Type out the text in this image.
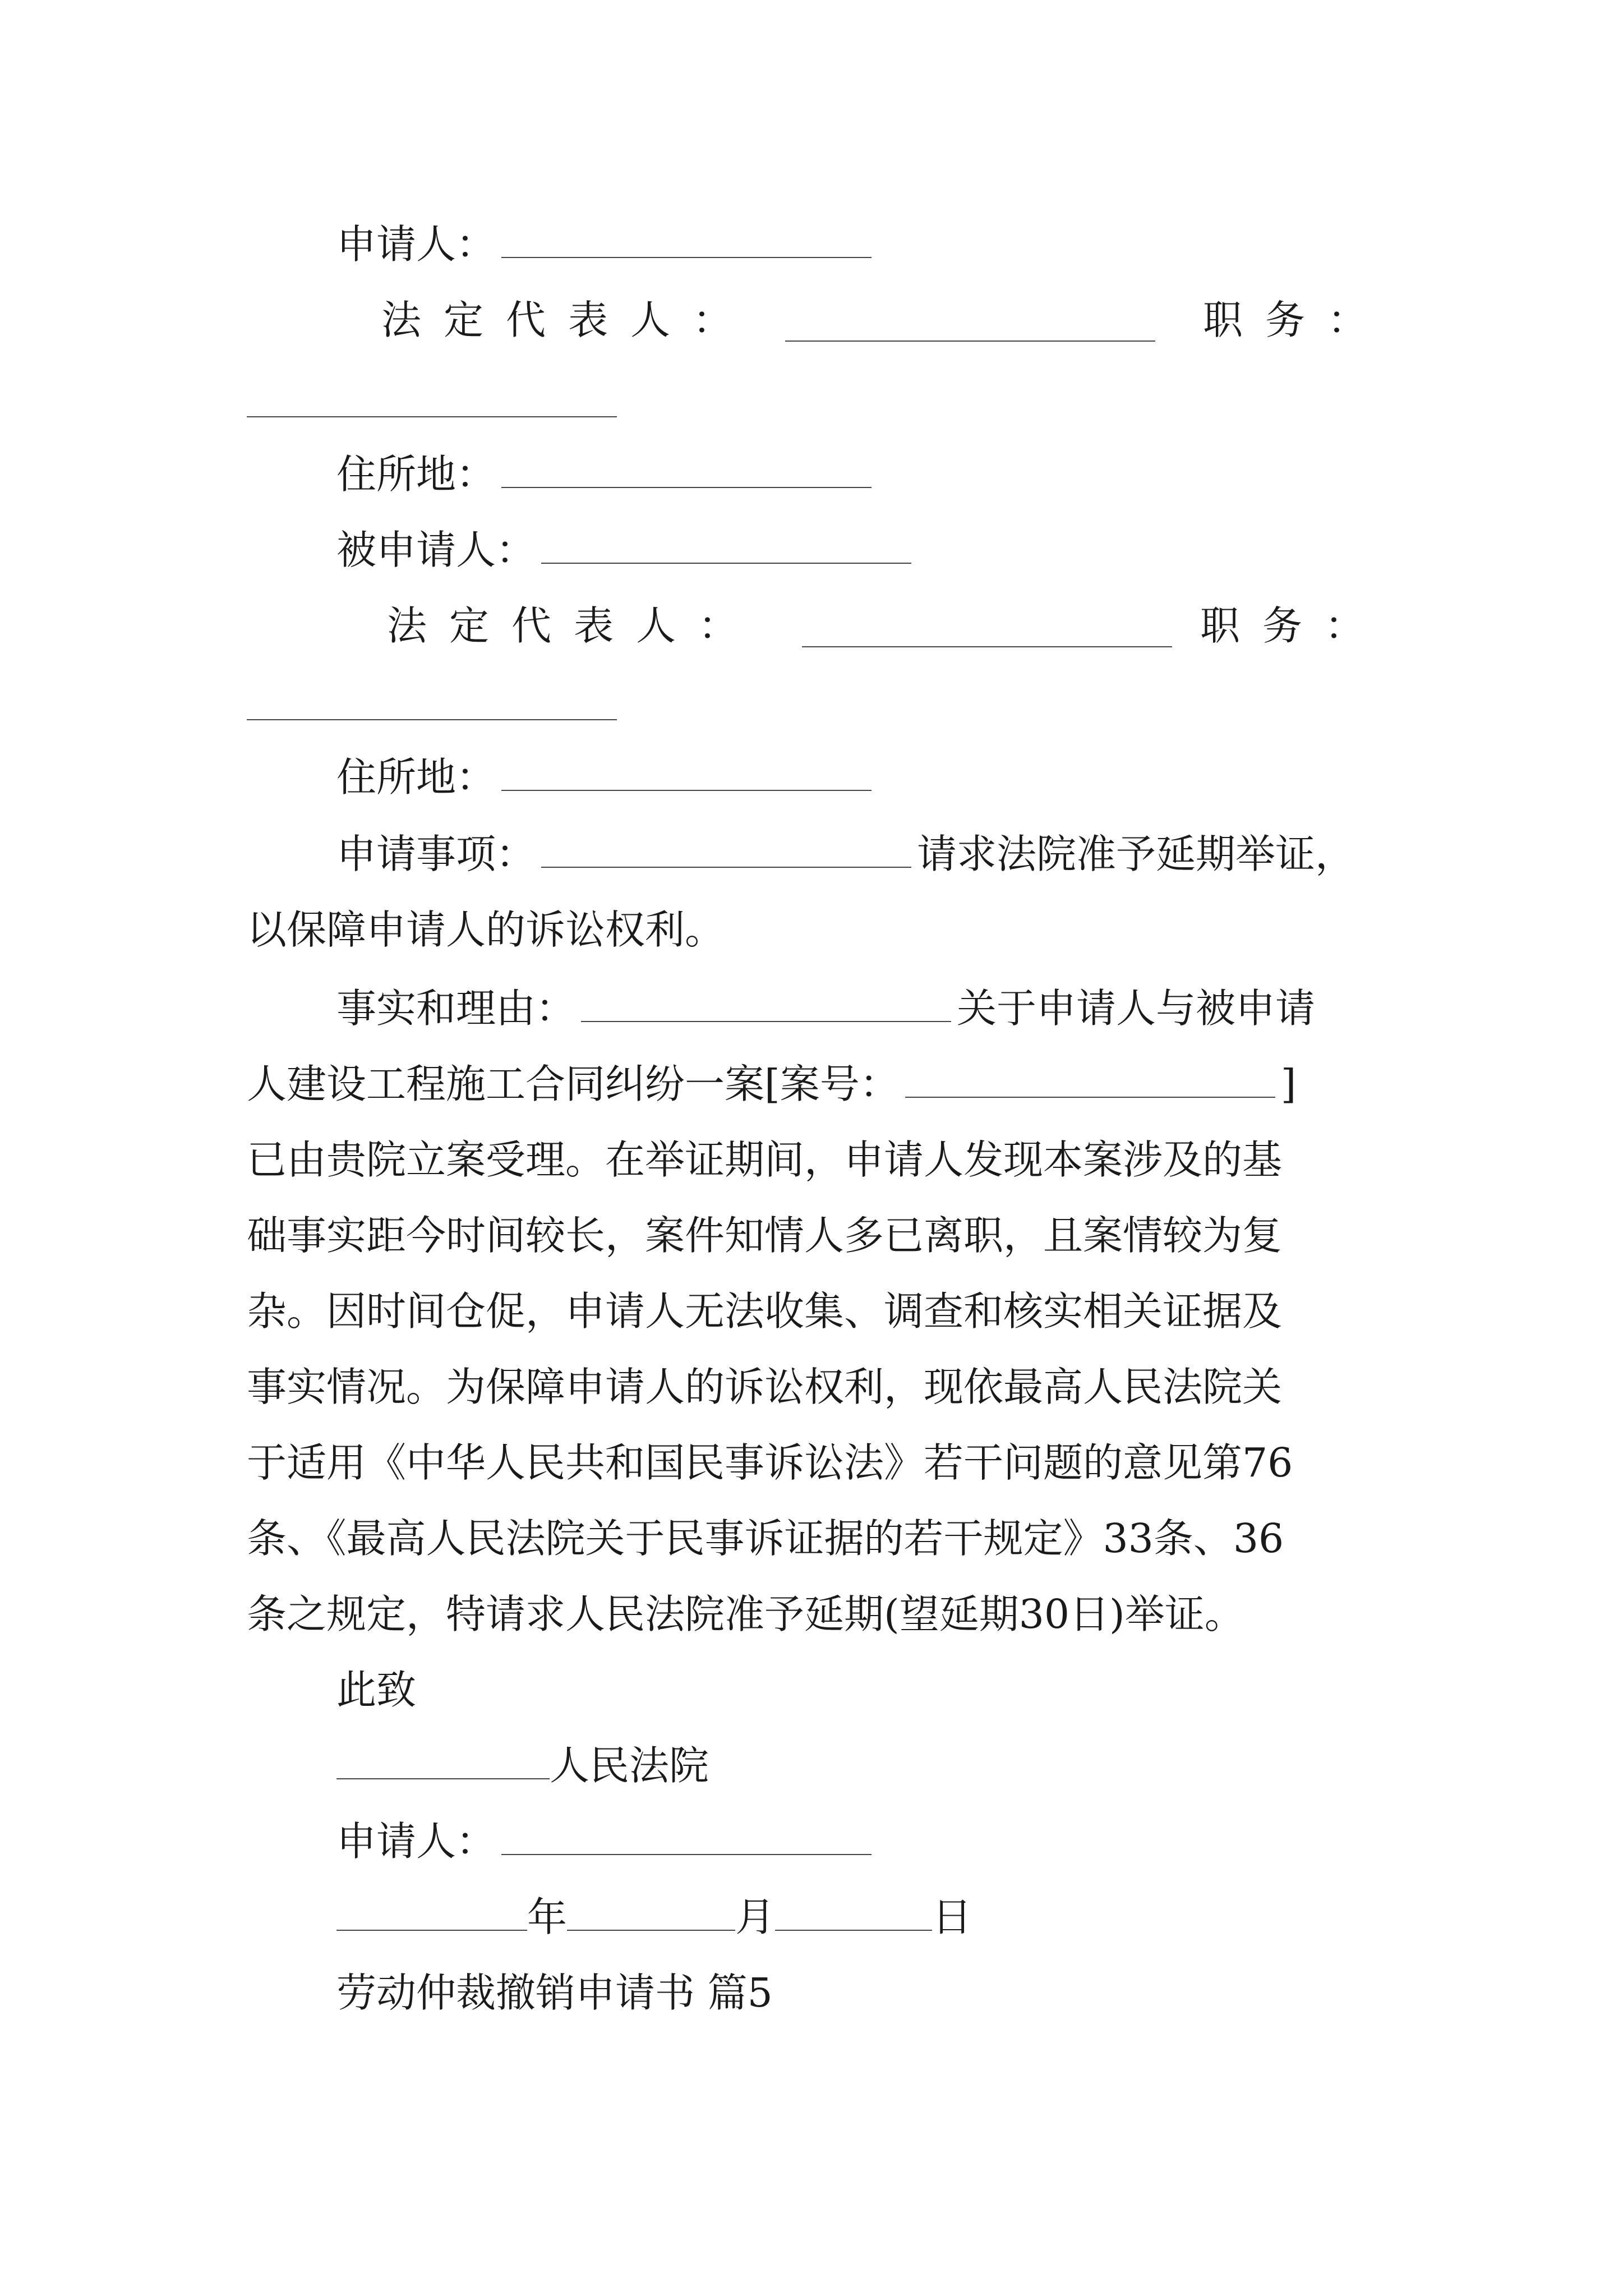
申请人：
法定代表人：	职务：
住所地：
被申请人：
法定代表人：	职务：
住所地：
申请事项：	请求法院准予延期举证，
以保障申请人的诉讼权利。
事实和理由：	关于申请人与被申请
人建设工程施工合同纠纷一案[案号：	]
已由贵院立案受理。在举证期间，申请人发现本案涉及的基
础事实距今时间较长，案件知情人多已离职，且案情较为复
杂。因时间仓促，申请人无法收集、调查和核实相关证据及
事实情况。为保障申请人的诉讼权利，现依最高人民法院关
于适用《中华人民共和国民事诉讼法》若干问题的意见第76
条、《最高人民法院关于民事诉证据的若干规定》33条、36
条之规定，特请求人民法院准予延期(望延期30日)举证。
此致
人民法院
申请人：
年	月	日
劳动仲裁撤销申请书 篇5
